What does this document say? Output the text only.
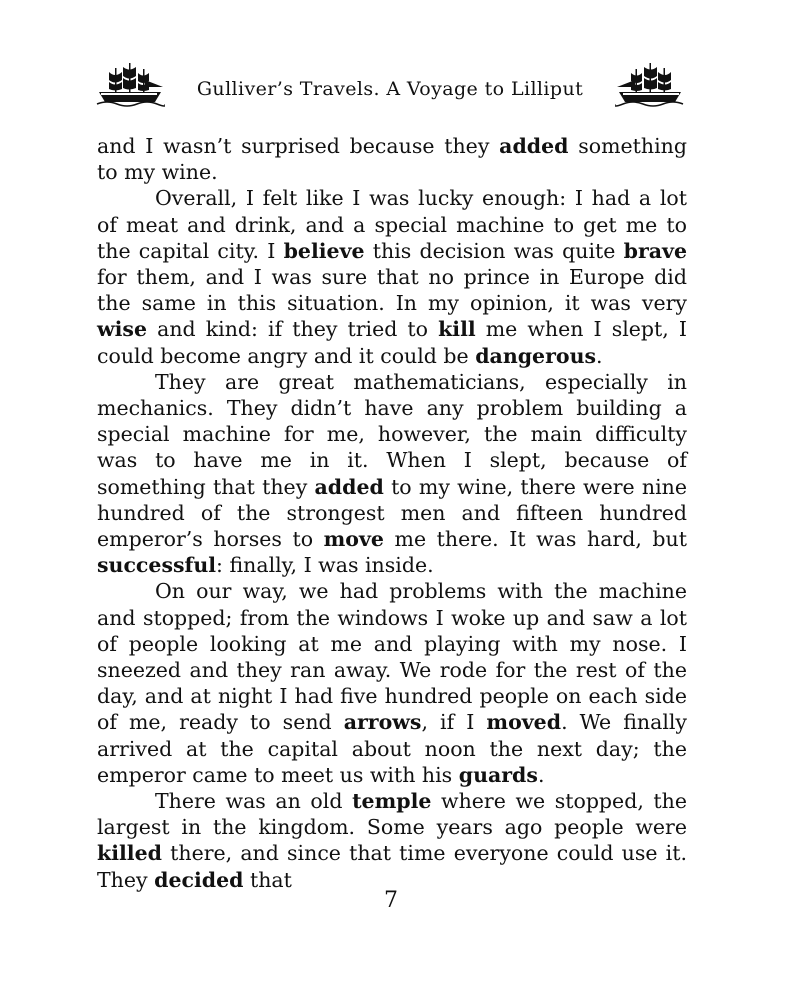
Gulliver’s Travels. A Voyage to Lilliput

and I wasn’t surprised because they added something to my wine.

Overall, I felt like I was lucky enough: I had a lot of meat and drink, and a special machine to get me to the capital city. I believe this decision was quite brave for them, and I was sure that no prince in Europe did the same in this situation. In my opinion, it was very wise and kind: if they tried to kill me when I slept, I could become angry and it could be dangerous.

They are great mathematicians, especially in mechanics. They didn’t have any problem building a special machine for me, however, the main difficulty was to have me in it. When I slept, because of something that they added to my wine, there were nine hundred of the strongest men and fifteen hundred emperor’s horses to move me there. It was hard, but successful: finally, I was inside.

On our way, we had problems with the machine and stopped; from the windows I woke up and saw a lot of people looking at me and playing with my nose. I sneezed and they ran away. We rode for the rest of the day, and at night I had five hundred people on each side of me, ready to send arrows, if I moved. We finally arrived at the capital about noon the next day; the emperor came to meet us with his guards.

There was an old temple where we stopped, the largest in the kingdom. Some years ago people were killed there, and since that time everyone could use it. They decided that

7
